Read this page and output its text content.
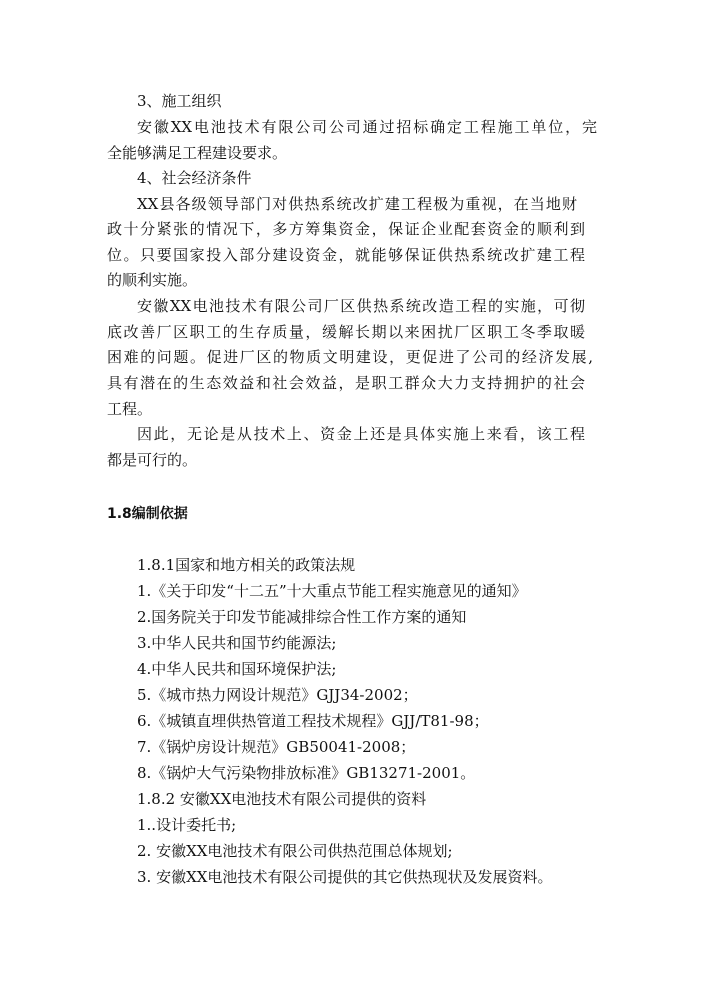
3、施工组织
安徽XX电池技术有限公司公司通过招标确定工程施工单位，完
全能够满足工程建设要求。
4、社会经济条件
XX县各级领导部门对供热系统改扩建工程极为重视，在当地财
政十分紧张的情况下，多方筹集资金，保证企业配套资金的顺利到
位。只要国家投入部分建设资金，就能够保证供热系统改扩建工程
的顺利实施。
安徽XX电池技术有限公司厂区供热系统改造工程的实施，可彻
底改善厂区职工的生存质量，缓解长期以来困扰厂区职工冬季取暖
困难的问题。促进厂区的物质文明建设，更促进了公司的经济发展,
具有潜在的生态效益和社会效益，是职工群众大力支持拥护的社会
工程。
因此，无论是从技术上、资金上还是具体实施上来看，该工程
都是可行的。
1.8编制依据
1.8.1国家和地方相关的政策法规
1.《关于印发“十二五”十大重点节能工程实施意见的通知》
2.国务院关于印发节能减排综合性工作方案的通知
3.中华人民共和国节约能源法;
4.中华人民共和国环境保护法;
5.《城市热力网设计规范》GJJ34-2002；
6.《城镇直埋供热管道工程技术规程》GJJ/T81-98；
7.《锅炉房设计规范》GB50041-2008；
8.《锅炉大气污染物排放标准》GB13271-2001。
1.8.2 安徽XX电池技术有限公司提供的资料
1..设计委托书;
2. 安徽XX电池技术有限公司供热范围总体规划;
3. 安徽XX电池技术有限公司提供的其它供热现状及发展资料。
